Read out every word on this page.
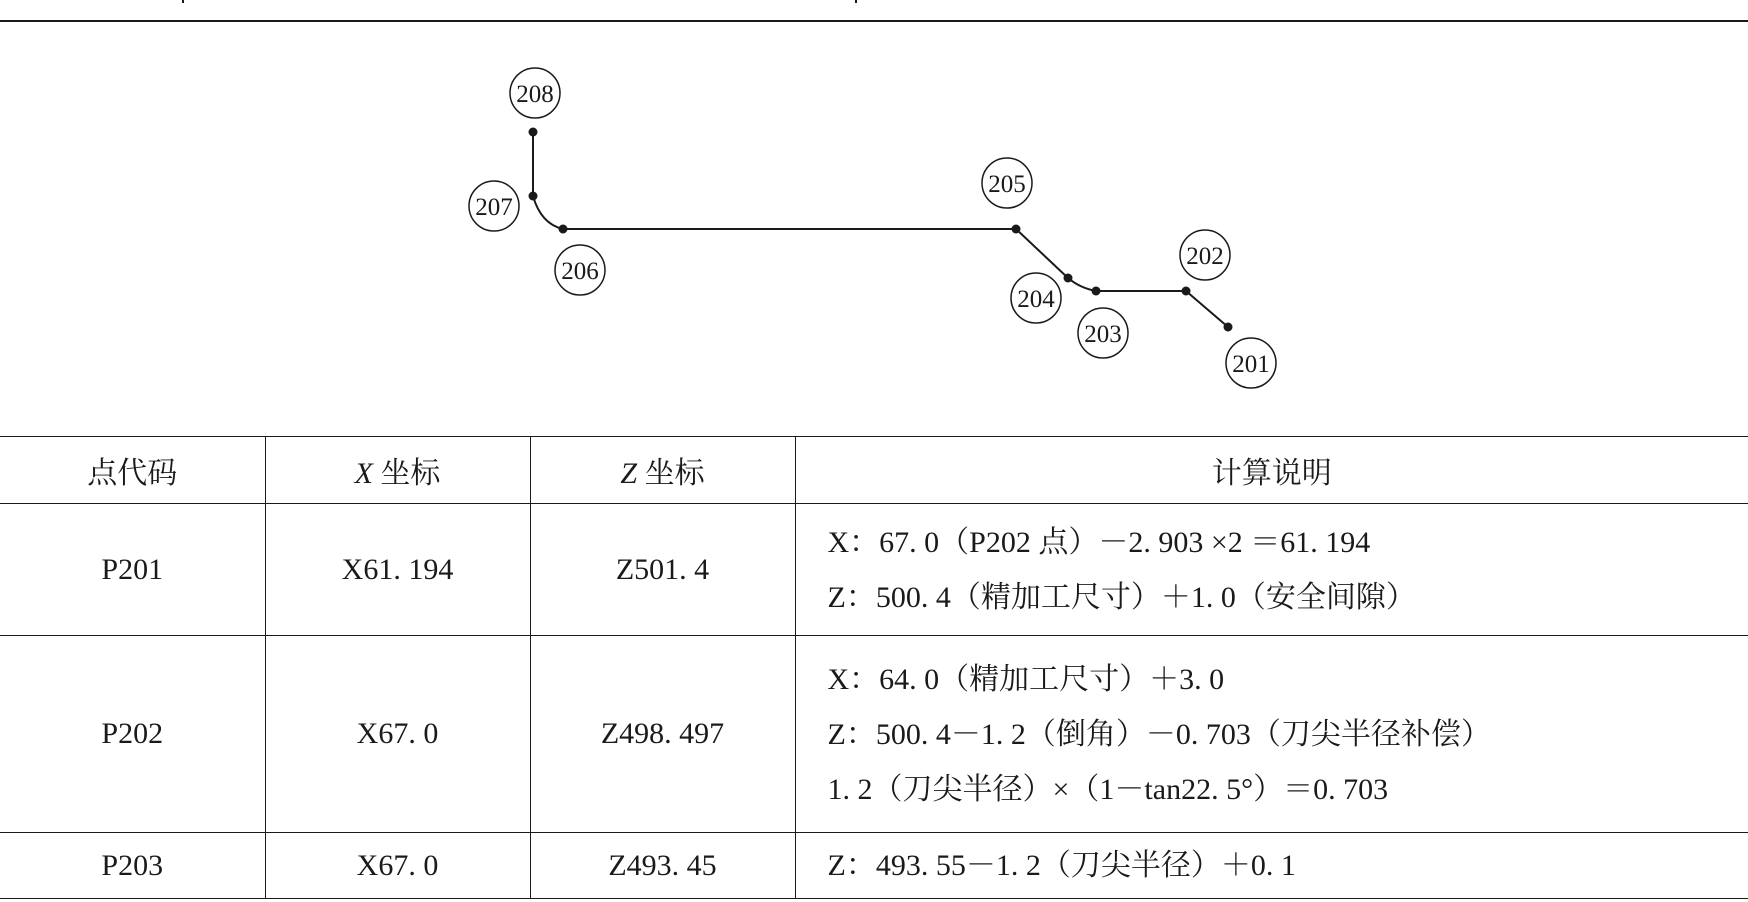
201
202
203
204
205
206
207
208
点代码	X 坐标	Z 坐标	计算说明
P201	X61. 194	Z501. 4	X：67. 0（P202 点）－2. 903 ×2 ＝61. 194
Z：500. 4（精加工尺寸）＋1. 0（安全间隙）

P202	X67. 0	Z498. 497	X：64. 0（精加工尺寸）＋3. 0
Z：500. 4－1. 2（倒角）－0. 703（刀尖半径补偿）
1. 2（刀尖半径）×（1－tan22. 5°）＝0. 703

P203	X67. 0	Z493. 45	Z：493. 55－1. 2（刀尖半径）＋0. 1
